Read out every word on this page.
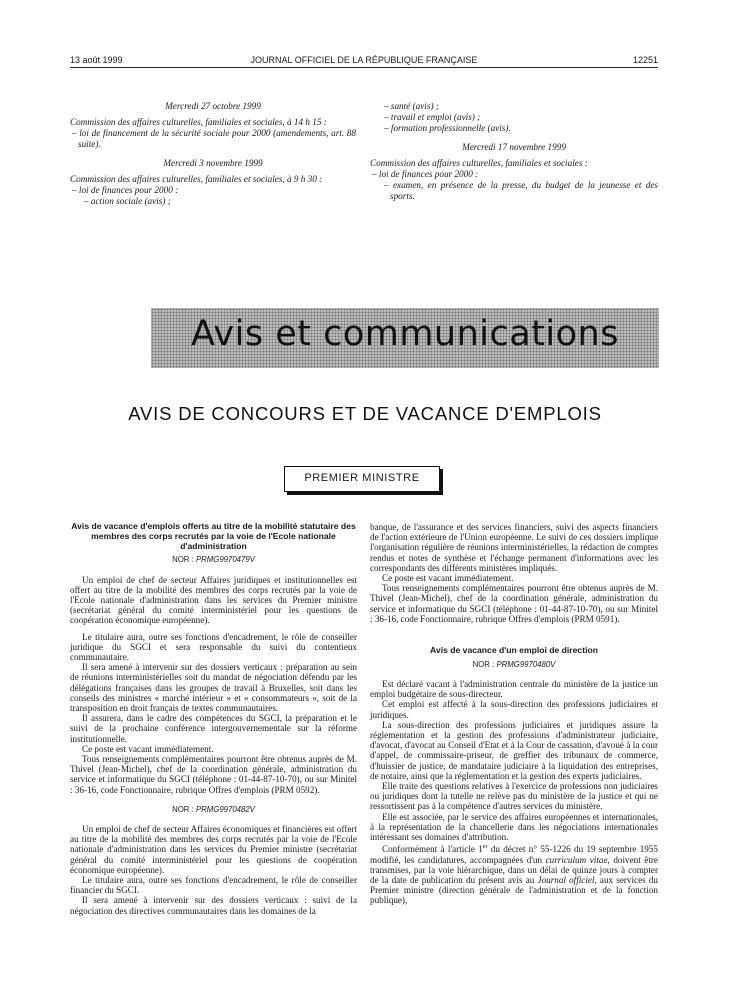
13 août 1999	JOURNAL OFFICIEL DE LA RÉPUBLIQUE FRANÇAISE	12251
Mercredi 27 octobre 1999
Commission des affaires culturelles, familiales et sociales, à 14 h 15 :
– loi de financement de la sécurité sociale pour 2000 (amendements, art. 88 suite).
Mercredi 3 novembre 1999
Commission des affaires culturelles, familiales et sociales, à 9 h 30 :
– loi de finances pour 2000 :
– action sociale (avis) ;
– santé (avis) ;
– travail et emploi (avis) ;
– formation professionnelle (avis).
Mercredi 17 novembre 1999
Commission des affaires culturelles, familiales et sociales :
– loi de finances pour 2000 :
– examen, en présence de la presse, du budget de la jeunesse et des sports.
Avis et communications
AVIS DE CONCOURS ET DE VACANCE D'EMPLOIS
PREMIER MINISTRE
Avis de vacance d'emplois offerts au titre de la mobilité statutaire des membres des corps recrutés par la voie de l'Ecole nationale d'administration
NOR : PRMG9970479V

Un emploi de chef de secteur Affaires juridiques et institutionnelles est offert au titre de la mobilité des membres des corps recrutés par la voie de l'Ecole nationale d'administration dans les services du Premier ministre (secrétariat général du comité interministériel pour les questions de coopération économique européenne).

Le titulaire aura, outre ses fonctions d'encadrement, le rôle de conseiller juridique du SGCI et sera responsable du suivi du contentieux communautaire.

Il sera amené à intervenir sur des dossiers verticaux : préparation au sein de réunions interministérielles soit du mandat de négociation défendu par les délégations françaises dans les groupes de travail à Bruxelles, soit dans les conseils des ministres « marché intérieur » et « consommateurs », soit de la transposition en droit français de textes communautaires.

Il assurera, dans le cadre des compétences du SGCI, la préparation et le suivi de la prochaine conférence intergouvernementale sur la réforme institutionnelle.

Ce poste est vacant immédiatement.

Tous renseignements complémentaires pourront être obtenus auprès de M. Thivel (Jean-Michel), chef de la coordination générale, administration du service et informatique du SGCI (téléphone : 01-44-87-10-70), ou sur Minitel : 36-16, code Fonctionnaire, rubrique Offres d'emplois (PRM 0592).

NOR : PRMG9970482V

Un emploi de chef de secteur Affaires économiques et financières est offert au titre de la mobilité des membres des corps recrutés par la voie de l'Ecole nationale d'administration dans les services du Premier ministre (secrétariat général du comité interministériel pour les questions de coopération économique européenne).

Le titulaire aura, outre ses fonctions d'encadrement, le rôle de conseiller financier du SGCI.

Il sera amené à intervenir sur des dossiers verticaux : suivi de la négociation des directives communautaires dans les domaines de la

banque, de l'assurance et des services financiers, suivi des aspects financiers de l'action extérieure de l'Union européenne. Le suivi de ces dossiers implique l'organisation régulière de réunions interministérielles, la rédaction de comptes rendus et notes de synthèse et l'échange permanent d'informations avec les correspondants des différents ministères impliqués.

Ce poste est vacant immédiatement.

Tous renseignements complémentaires pourront être obtenus auprès de M. Thivel (Jean-Michel), chef de la coordination générale, administration du service et informatique du SGCI (téléphone : 01-44-87-10-70), ou sur Minitel : 36-16, code Fonctionnaire, rubrique Offres d'emplois (PRM 0591).

Avis de vacance d'un emploi de direction
NOR : PRMG9970480V

Est déclaré vacant à l'administration centrale du ministère de la justice un emploi budgétaire de sous-directeur.

Cet emploi est affecté à la sous-direction des professions judiciaires et juridiques.

La sous-direction des professions judiciaires et juridiques assure la réglementation et la gestion des professions d'administrateur judiciaire, d'avocat, d'avocat au Conseil d'Etat et à la Cour de cassation, d'avoué à la cour d'appel, de commissaire-priseur, de greffier des tribunaux de commerce, d'huissier de justice, de mandataire judiciaire à la liquidation des entreprises, de notaire, ainsi que la réglementation et la gestion des experts judiciaires.

Elle traite des questions relatives à l'exercice de professions non judiciaires ou juridiques dont la tutelle ne relève pas du ministère de la justice et qui ne ressortissent pas à la compétence d'autres services du ministère.

Elle est associée, par le service des affaires européennes et internationales, à la représentation de la chancellerie dans les négociations internationales intéressant ses domaines d'attribution.

Conformément à l'article 1er du décret n° 55-1226 du 19 septembre 1955 modifié, les candidatures, accompagnées d'un curriculum vitae, doivent être transmises, par la voie hiérarchique, dans un délai de quinze jours à compter de la date de publication du présent avis au Journal officiel, aux services du Premier ministre (direction générale de l'administration et de la fonction publique),
